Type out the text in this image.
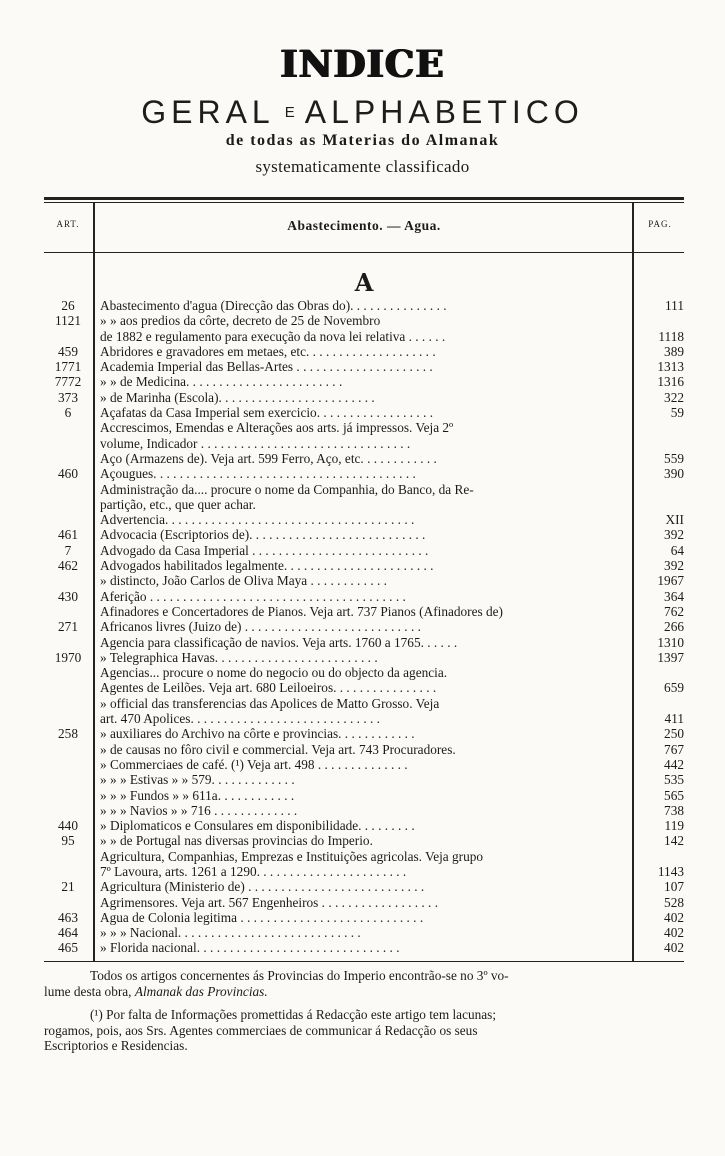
INDICE
GERAL E ALPHABETICO
de todas as Materias do Almanak
systematicamente classificado
ART.	Abastecimento. — Agua.	PAG.
A
26	Abastecimento d'agua (Direcção das Obras do). . . . . . . . . . . . . . .	111
1121	» » aos predios da côrte, decreto de 25 de Novembro
de 1882 e regulamento para execução da nova lei relativa . . . . . .	1118
459	Abridores e gravadores em metaes, etc. . . . . . . . . . . . . . . . . . . .	389
1771	Academia Imperial das Bellas-Artes . . . . . . . . . . . . . . . . . . . . .	1313
7772	» » de Medicina. . . . . . . . . . . . . . . . . . . . . . . .	1316
373	» de Marinha (Escola). . . . . . . . . . . . . . . . . . . . . . . .	322
6	Açafatas da Casa Imperial sem exercicio. . . . . . . . . . . . . . . . . .	59
Accrescimos, Emendas e Alterações aos arts. já impressos. Veja 2º
volume, Indicador . . . . . . . . . . . . . . . . . . . . . . . . . . . . . . . .
Aço (Armazens de). Veja art. 599 Ferro, Aço, etc. . . . . . . . . . . .	559
460	Açougues. . . . . . . . . . . . . . . . . . . . . . . . . . . . . . . . . . . . . . . .	390
Administração da.... procure o nome da Companhia, do Banco, da Re-
partição, etc., que quer achar.
Advertencia. . . . . . . . . . . . . . . . . . . . . . . . . . . . . . . . . . . . . .	XII
461	Advocacia (Escriptorios de). . . . . . . . . . . . . . . . . . . . . . . . . . .	392
7	Advogado da Casa Imperial . . . . . . . . . . . . . . . . . . . . . . . . . . .	64
462	Advogados habilitados legalmente. . . . . . . . . . . . . . . . . . . . . . .	392
» distincto, João Carlos de Oliva Maya . . . . . . . . . . . .	1967
430	Aferição . . . . . . . . . . . . . . . . . . . . . . . . . . . . . . . . . . . . . . .	364
Afinadores e Concertadores de Pianos. Veja art. 737 Pianos (Afinadores de)	762
271	Africanos livres (Juizo de) . . . . . . . . . . . . . . . . . . . . . . . . . . .	266
Agencia para classificação de navios. Veja arts. 1760 a 1765. . . . . .	1310
1970	» Telegraphica Havas. . . . . . . . . . . . . . . . . . . . . . . . .	1397
Agencias... procure o nome do negocio ou do objecto da agencia.
Agentes de Leilões. Veja art. 680 Leiloeiros. . . . . . . . . . . . . . . .	659
» official das transferencias das Apolices de Matto Grosso. Veja
art. 470 Apolices. . . . . . . . . . . . . . . . . . . . . . . . . . . . .	411
258	» auxiliares do Archivo na côrte e provincias. . . . . . . . . . . .	250
» de causas no fôro civil e commercial. Veja art. 743 Procuradores.	767
» Commerciaes de café. (¹) Veja art. 498 . . . . . . . . . . . . . .	442
» » » Estivas » » 579. . . . . . . . . . . . .	535
» » » Fundos » » 611a. . . . . . . . . . . .	565
» » » Navios » » 716 . . . . . . . . . . . . .	738
440	» Diplomaticos e Consulares em disponibilidade. . . . . . . . .	119
95	» » de Portugal nas diversas provincias do Imperio.	142
Agricultura, Companhias, Emprezas e Instituições agricolas. Veja grupo
7º Lavoura, arts. 1261 a 1290. . . . . . . . . . . . . . . . . . . . . . .	1143
21	Agricultura (Ministerio de) . . . . . . . . . . . . . . . . . . . . . . . . . . .	107
Agrimensores. Veja art. 567 Engenheiros . . . . . . . . . . . . . . . . . .	528
463	Agua de Colonia legitima . . . . . . . . . . . . . . . . . . . . . . . . . . . .	402
464	» » » Nacional. . . . . . . . . . . . . . . . . . . . . . . . . . . .	402
465	» Florida nacional. . . . . . . . . . . . . . . . . . . . . . . . . . . . . . .	402
Todos os artigos concernentes ás Provincias do Imperio encontrão-se no 3º vo-
lume desta obra, Almanak das Provincias.
(¹) Por falta de Informações promettidas á Redacção este artigo tem lacunas;
rogamos, pois, aos Srs. Agentes commerciaes de communicar á Redacção os seus
Escriptorios e Residencias.
